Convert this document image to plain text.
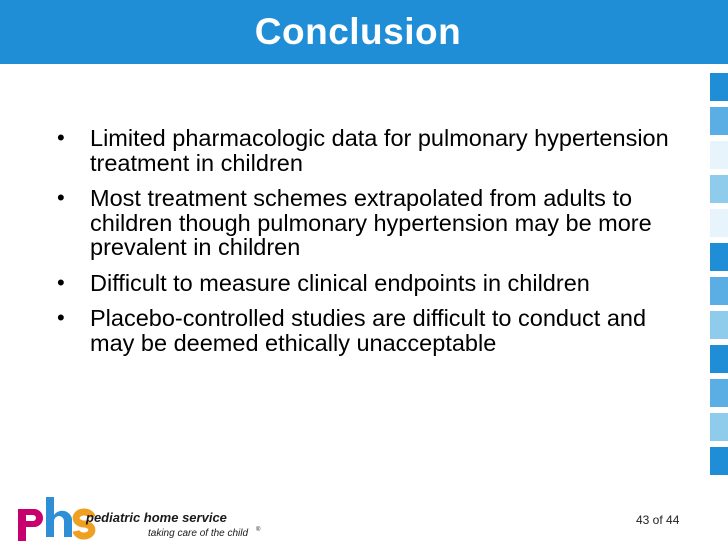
Conclusion
• Limited pharmacologic data for pulmonary hypertension treatment in children
• Most treatment schemes extrapolated from adults to children though pulmonary hypertension may be more prevalent in children
• Difficult to measure clinical endpoints in children
• Placebo-controlled studies are difficult to conduct and may be deemed ethically unacceptable
pediatric home service
taking care of the child ®
43 of 44
